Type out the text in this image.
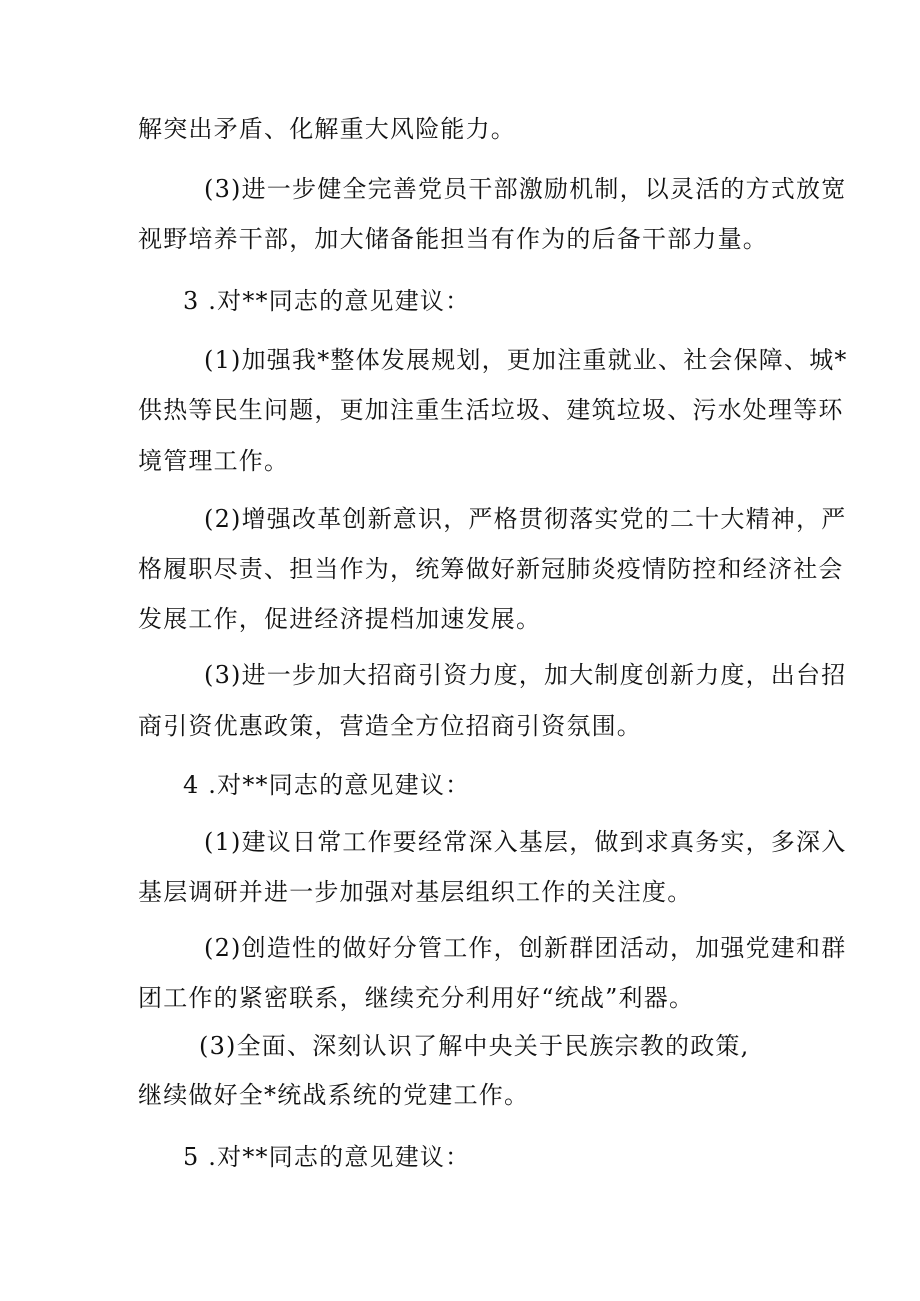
解突出矛盾、化解重大风险能力。
(3)进一步健全完善党员干部激励机制，以灵活的方式放宽
视野培养干部，加大储备能担当有作为的后备干部力量。
3 .对**同志的意见建议：
(1)加强我*整体发展规划，更加注重就业、社会保障、城*
供热等民生问题，更加注重生活垃圾、建筑垃圾、污水处理等环
境管理工作。
(2)增强改革创新意识，严格贯彻落实党的二十大精神，严
格履职尽责、担当作为，统筹做好新冠肺炎疫情防控和经济社会
发展工作，促进经济提档加速发展。
(3)进一步加大招商引资力度，加大制度创新力度，出台招
商引资优惠政策，营造全方位招商引资氛围。
4 .对**同志的意见建议：
(1)建议日常工作要经常深入基层，做到求真务实，多深入
基层调研并进一步加强对基层组织工作的关注度。
(2)创造性的做好分管工作，创新群团活动，加强党建和群
团工作的紧密联系，继续充分利用好“统战”利器。
(3)全面、深刻认识了解中央关于民族宗教的政策,
继续做好全*统战系统的党建工作。
5 .对**同志的意见建议：
